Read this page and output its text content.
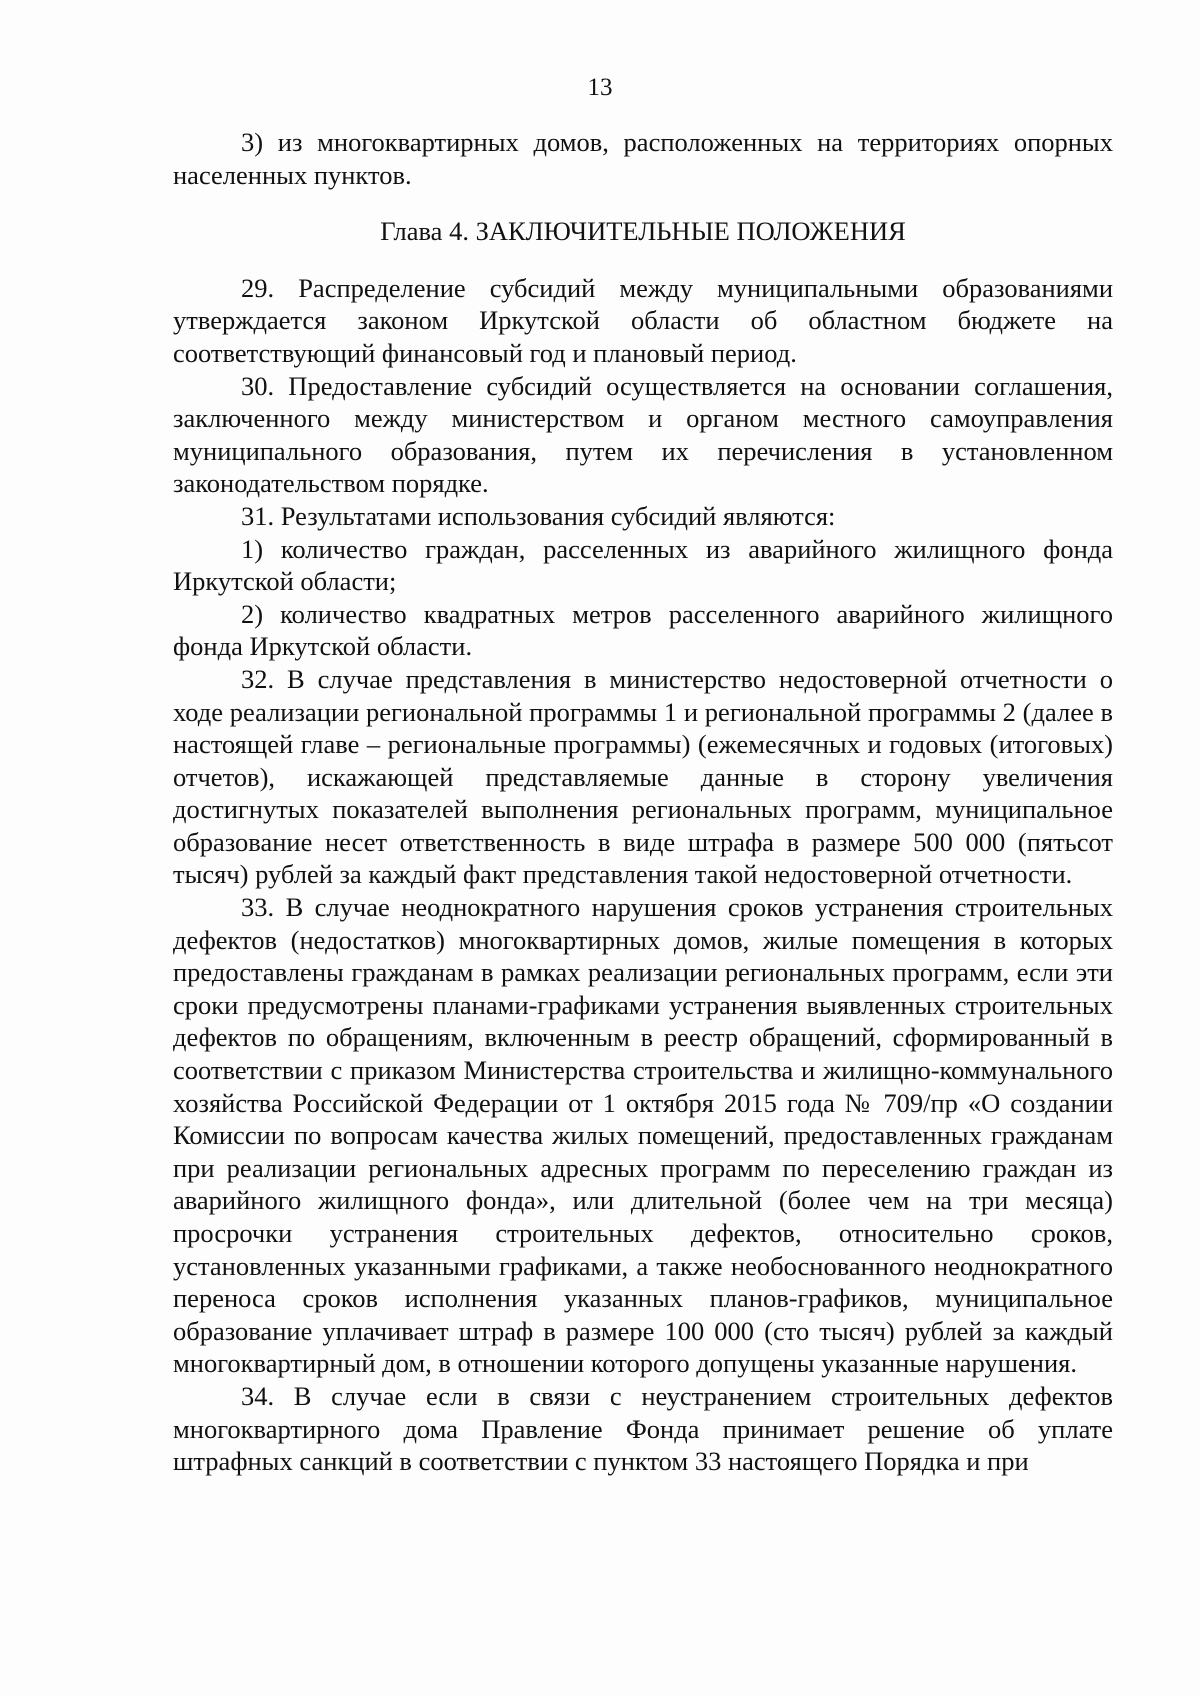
13

3) из многоквартирных домов, расположенных на территориях опорных населенных пунктов.

Глава 4. ЗАКЛЮЧИТЕЛЬНЫЕ ПОЛОЖЕНИЯ

29. Распределение субсидий между муниципальными образованиями утверждается законом Иркутской области об областном бюджете на соответствующий финансовый год и плановый период.

30. Предоставление субсидий осуществляется на основании соглашения, заключенного между министерством и органом местного самоуправления муниципального образования, путем их перечисления в установленном законодательством порядке.

31. Результатами использования субсидий являются:

1) количество граждан, расселенных из аварийного жилищного фонда Иркутской области;

2) количество квадратных метров расселенного аварийного жилищного фонда Иркутской области.

32. В случае представления в министерство недостоверной отчетности о ходе реализации региональной программы 1 и региональной программы 2 (далее в настоящей главе – региональные программы) (ежемесячных и годовых (итоговых) отчетов), искажающей представляемые данные в сторону увеличения достигнутых показателей выполнения региональных программ, муниципальное образование несет ответственность в виде штрафа в размере 500 000 (пятьсот тысяч) рублей за каждый факт представления такой недостоверной отчетности.

33. В случае неоднократного нарушения сроков устранения строительных дефектов (недостатков) многоквартирных домов, жилые помещения в которых предоставлены гражданам в рамках реализации региональных программ, если эти сроки предусмотрены планами-графиками устранения выявленных строительных дефектов по обращениям, включенным в реестр обращений, сформированный в соответствии с приказом Министерства строительства и жилищно-коммунального хозяйства Российской Федерации от 1 октября 2015 года № 709/пр «О создании Комиссии по вопросам качества жилых помещений, предоставленных гражданам при реализации региональных адресных программ по переселению граждан из аварийного жилищного фонда», или длительной (более чем на три месяца) просрочки устранения строительных дефектов, относительно сроков, установленных указанными графиками, а также необоснованного неоднократного переноса сроков исполнения указанных планов-графиков, муниципальное образование уплачивает штраф в размере 100 000 (сто тысяч) рублей за каждый многоквартирный дом, в отношении которого допущены указанные нарушения.

34. В случае если в связи с неустранением строительных дефектов многоквартирного дома Правление Фонда принимает решение об уплате штрафных санкций в соответствии с пунктом 33 настоящего Порядка и при
